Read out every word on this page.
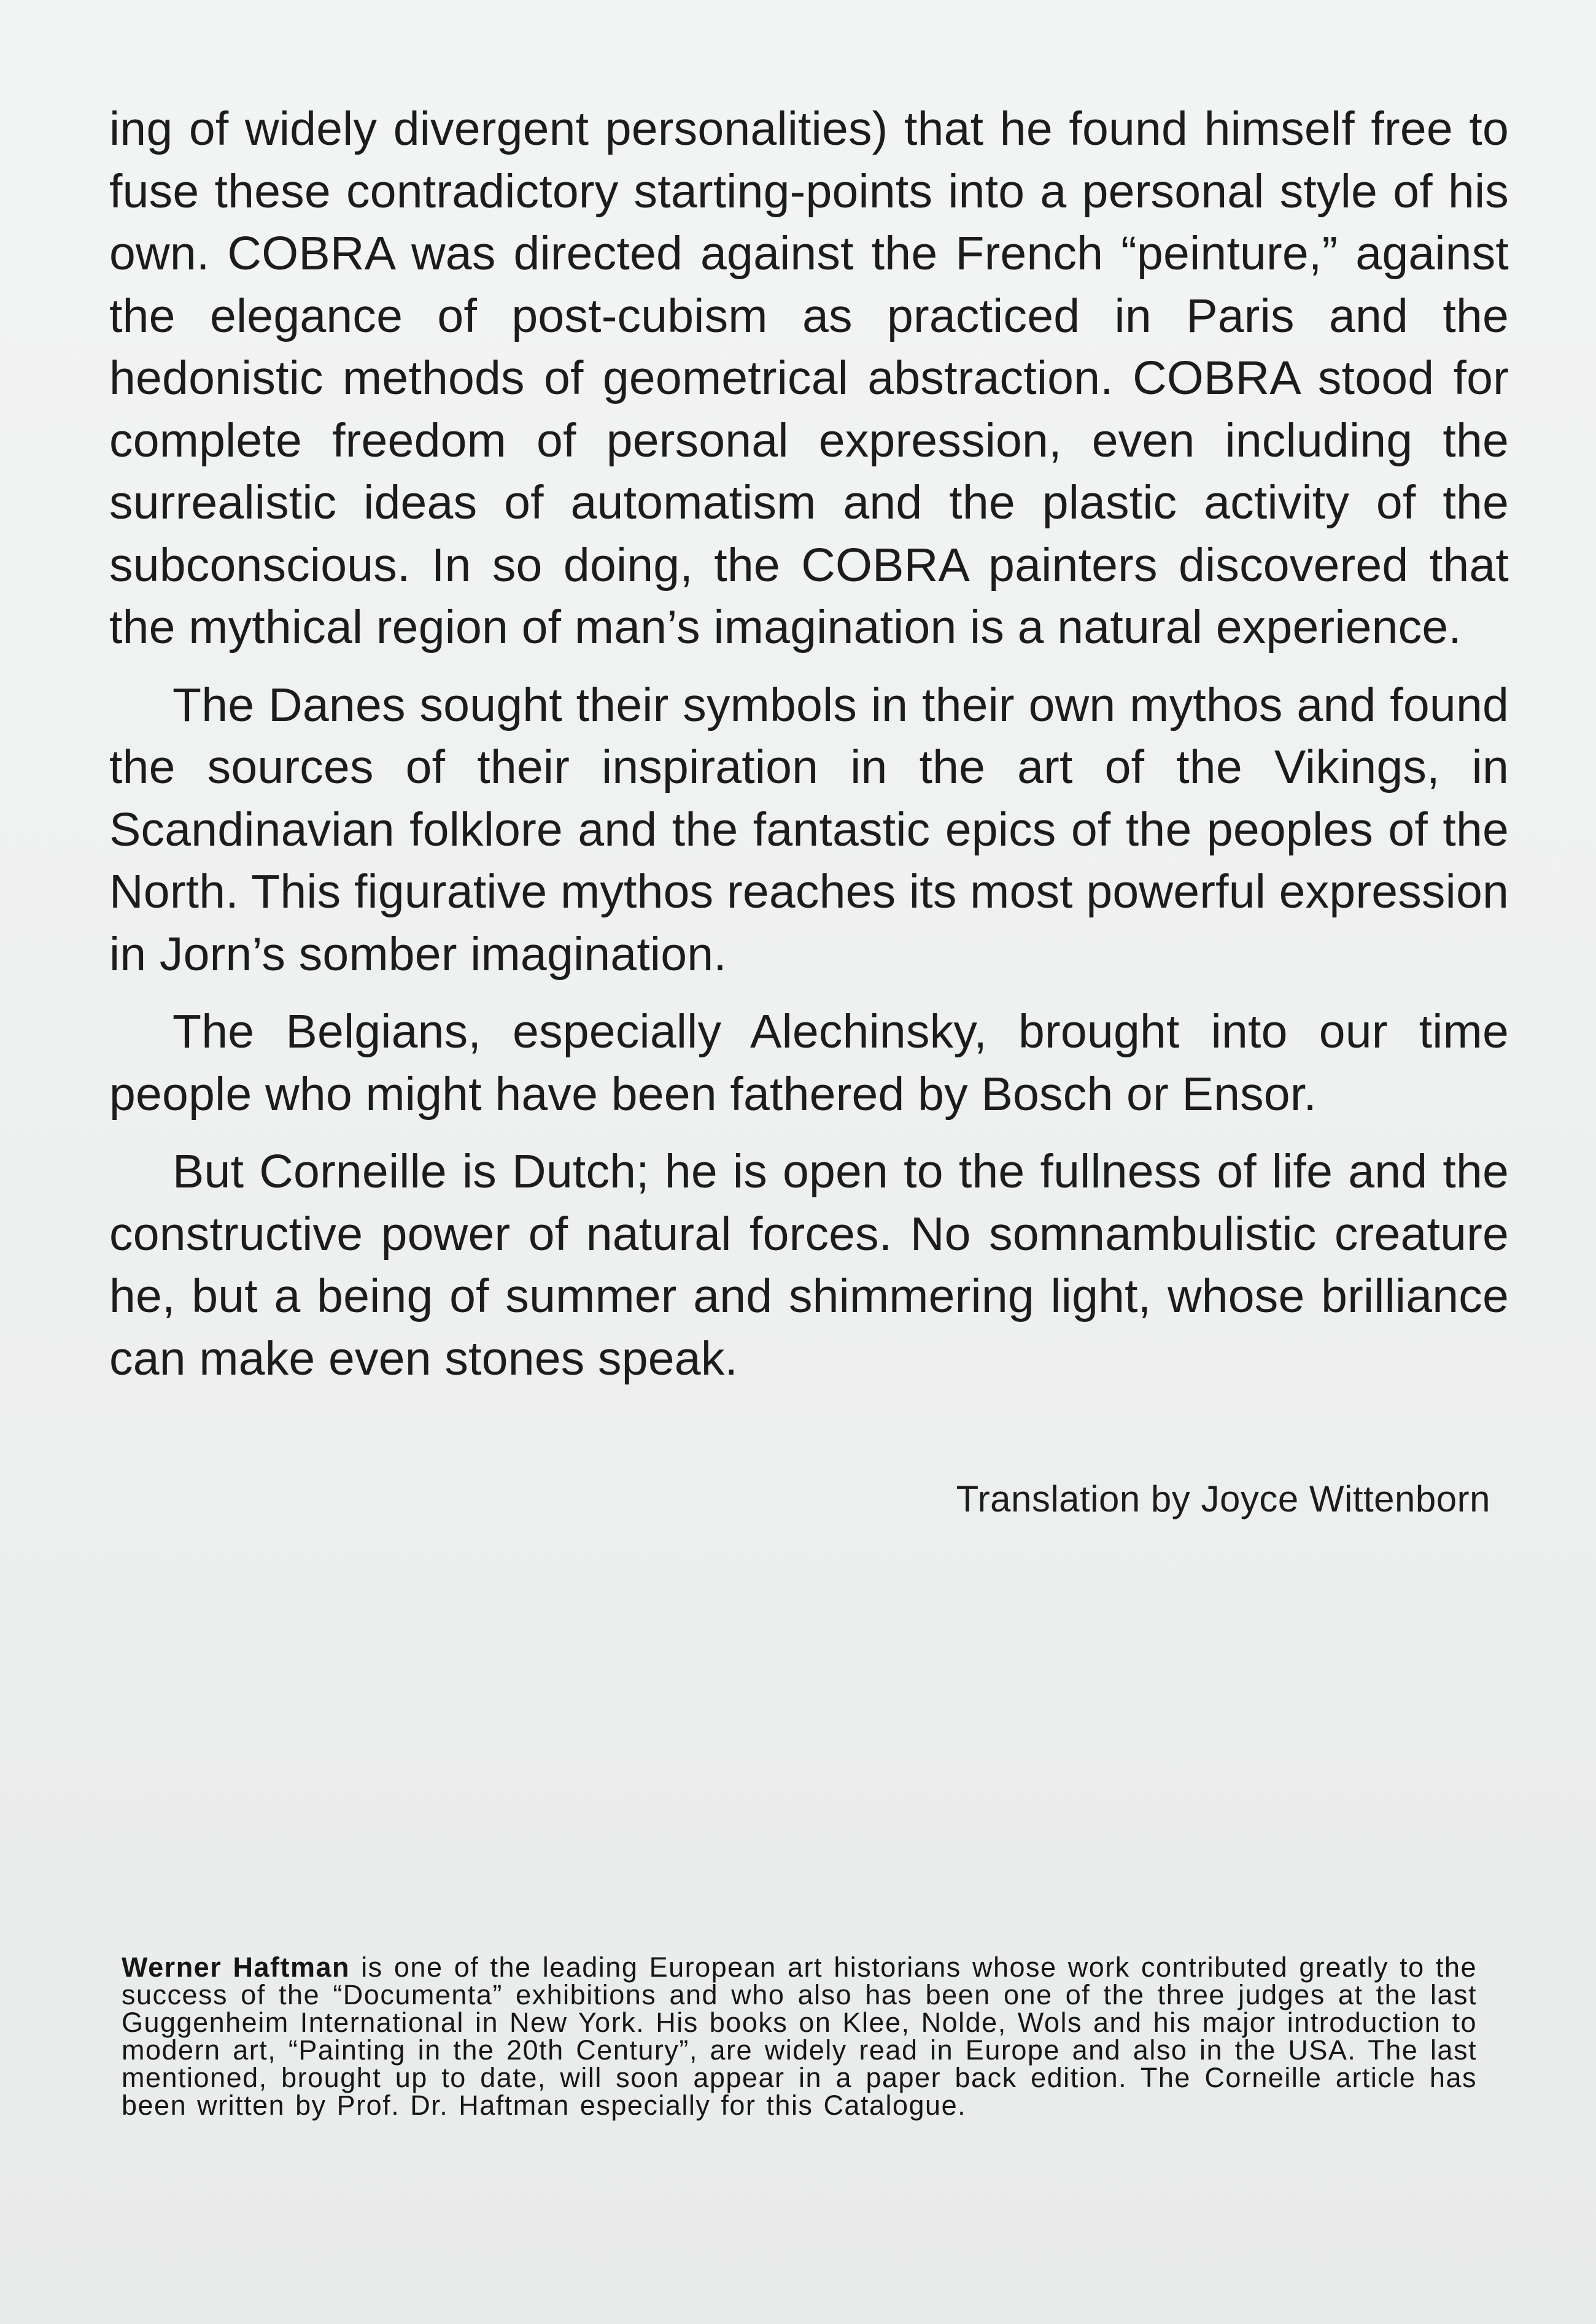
ing of widely divergent personalities) that he found himself free to fuse these contradictory starting-points into a personal style of his own. COBRA was directed against the French “peinture,” against the elegance of post-cubism as practiced in Paris and the hedonistic methods of geometrical abstraction. COBRA stood for complete freedom of personal expression, even including the surrealistic ideas of automatism and the plastic activity of the subconscious. In so doing, the COBRA painters discovered that the mythical region of man’s imagination is a natural experience.

The Danes sought their symbols in their own mythos and found the sources of their inspiration in the art of the Vikings, in Scandinavian folklore and the fantastic epics of the peoples of the North. This figurative mythos reaches its most powerful expression in Jorn’s somber imagination.

The Belgians, especially Alechinsky, brought into our time people who might have been fathered by Bosch or Ensor.

But Corneille is Dutch; he is open to the fullness of life and the constructive power of natural forces. No somnambulistic creature he, but a being of summer and shimmering light, whose brilliance can make even stones speak.

Translation by Joyce Wittenborn
Werner Haftman is one of the leading European art historians whose work contributed greatly to the success of the “Documenta” exhibitions and who also has been one of the three judges at the last Guggenheim International in New York. His books on Klee, Nolde, Wols and his major introduction to modern art, “Painting in the 20th Century”, are widely read in Europe and also in the USA. The last mentioned, brought up to date, will soon appear in a paper back edition. The Corneille article has been written by Prof. Dr. Haftman especially for this Catalogue.
